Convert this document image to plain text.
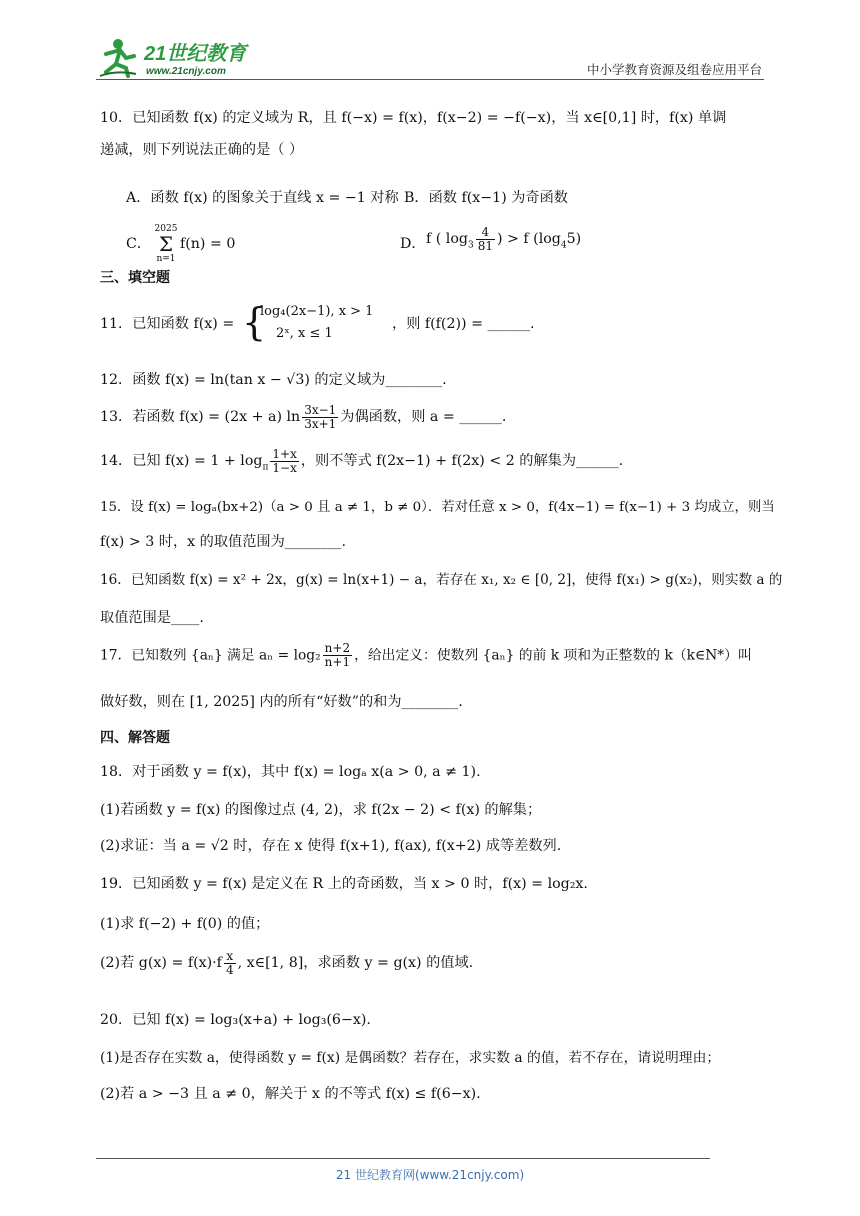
21世纪教育
www.21cnjy.com	中小学教育资源及组卷应用平台

10．已知函数 f(x) 的定义域为 R，且 f(−x) = f(x)，f(x−2) = −f(−x)，当 x∈[0,1] 时，f(x) 单调

递减，则下列说法正确的是（ ）

A．函数 f(x) 的图象关于直线 x = −1 对称 B．函数 f(x−1) 为奇函数
C．
2025
Σ
n=1
f(n) = 0	D． f ( $\log_3 \frac{4}{81}$ ) > f $(\log_45)$
三、填空题
11．已知函数 f(x) = {
log₄(2x−1), x > 1
2ˣ, x ≤ 1
，则 f(f(2)) = ______.

12．函数 f(x) = ln(tan x − √3) 的定义域为________.

13．若函数 f(x) = (2x + a) $\ln \frac{3x-1}{3x+1}$ 为偶函数，则 a = ______.
14．已知 $f(x) = 1 + \log_\pi \frac{1+x}{1-x}$ ，则不等式 f(2x−1) + f(2x) < 2 的解集为______.

15．设 f(x) = logₐ(bx+2)（a > 0 且 a ≠ 1，b ≠ 0）．若对任意 x > 0，f(4x−1) = f(x−1) + 3 均成立，则当

f(x) > 3 时，x 的取值范围为________.

16．已知函数 f(x) = x² + 2x，g(x) = ln(x+1) − a，若存在 x₁, x₂ ∈ [0, 2]，使得 f(x₁) > g(x₂)，则实数 a 的

取值范围是____.

17．已知数列 {aₙ} 满足 $a_n = \log_2 \frac{n+2}{n+1}$ ，给出定义：使数列 {aₙ} 的前 k 项和为正整数的 k（k∈N*）叫

做好数，则在 [1, 2025] 内的所有“好数”的和为________.

四、解答题

18．对于函数 y = f(x)，其中 f(x) = logₐ x(a > 0, a ≠ 1).

(1)若函数 y = f(x) 的图像过点 (4, 2)，求 f(2x − 2) < f(x) 的解集；

(2)求证：当 a = √2 时，存在 x 使得 f(x+1), f(ax), f(x+2) 成等差数列.

19．已知函数 y = f(x) 是定义在 R 上的奇函数，当 x > 0 时，f(x) = log₂x.

(1)求 f(−2) + f(0) 的值；

(2)若 $g(x) = f(x)\cdot f \frac{x}{4}$ , x∈[1, 8]，求函数 y = g(x) 的值域.

20．已知 f(x) = log₃(x+a) + log₃(6−x).

(1)是否存在实数 a，使得函数 y = f(x) 是偶函数？若存在，求实数 a 的值，若不存在，请说明理由；

(2)若 a > −3 且 a ≠ 0，解关于 x 的不等式 f(x) ≤ f(6−x).

21 世纪教育网(www.21cnjy.com)
